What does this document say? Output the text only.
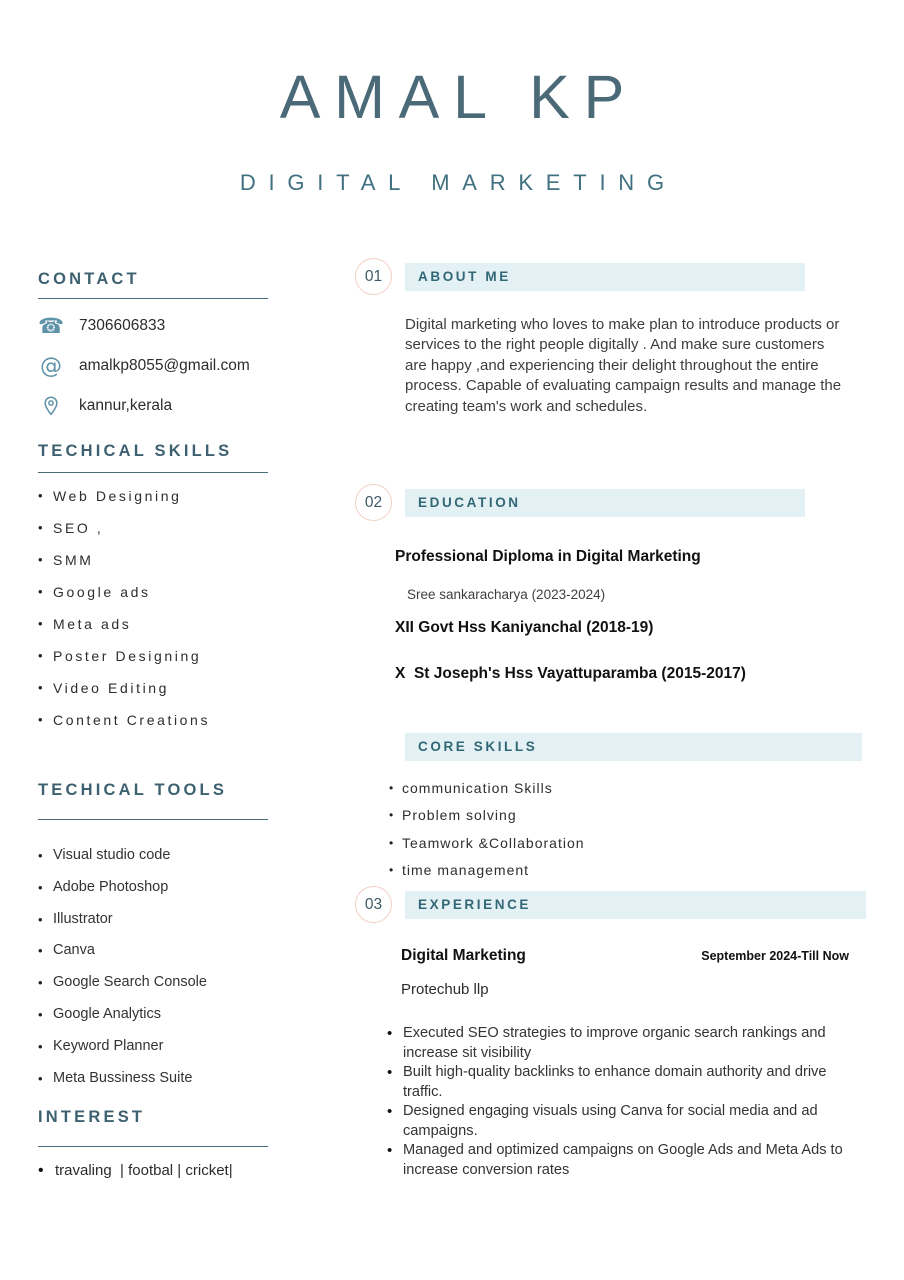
AMAL KP
DIGITAL MARKETING
CONTACT
☎ 7306606833
@ amalkp8055@gmail.com
kannur,kerala
TECHICAL SKILLS
• Web Designing
• SEO ,
• SMM
• Google ads
• Meta ads
• Poster Designing
• Video Editing
• Content Creations
TECHICAL TOOLS
• Visual studio code
• Adobe Photoshop
• Illustrator
• Canva
• Google Search Console
• Google Analytics
• Keyword Planner
• Meta Bussiness Suite
INTEREST
• travaling  | footbal | cricket|
01	ABOUT ME

Digital marketing who loves to make plan to introduce products or services to the right people digitally . And make sure customers are happy ,and experiencing their delight throughout the entire process. Capable of evaluating campaign results and manage the creating team's work and schedules.

02	EDUCATION
Professional Diploma in Digital Marketing
Sree sankaracharya (2023-2024)
XII Govt Hss Kaniyanchal (2018-19)
X  St Joseph's Hss Vayattuparamba (2015-2017)
CORE SKILLS
• communication Skills
• Problem solving
• Teamwork &Collaboration
• time management
03	EXPERIENCE
Digital Marketing	September 2024-Till Now
Protechub llp
• Executed SEO strategies to improve organic search rankings and increase sit visibility
• Built high-quality backlinks to enhance domain authority and drive traffic.
• Designed engaging visuals using Canva for social media and ad campaigns.
• Managed and optimized campaigns on Google Ads and Meta Ads to increase conversion rates
